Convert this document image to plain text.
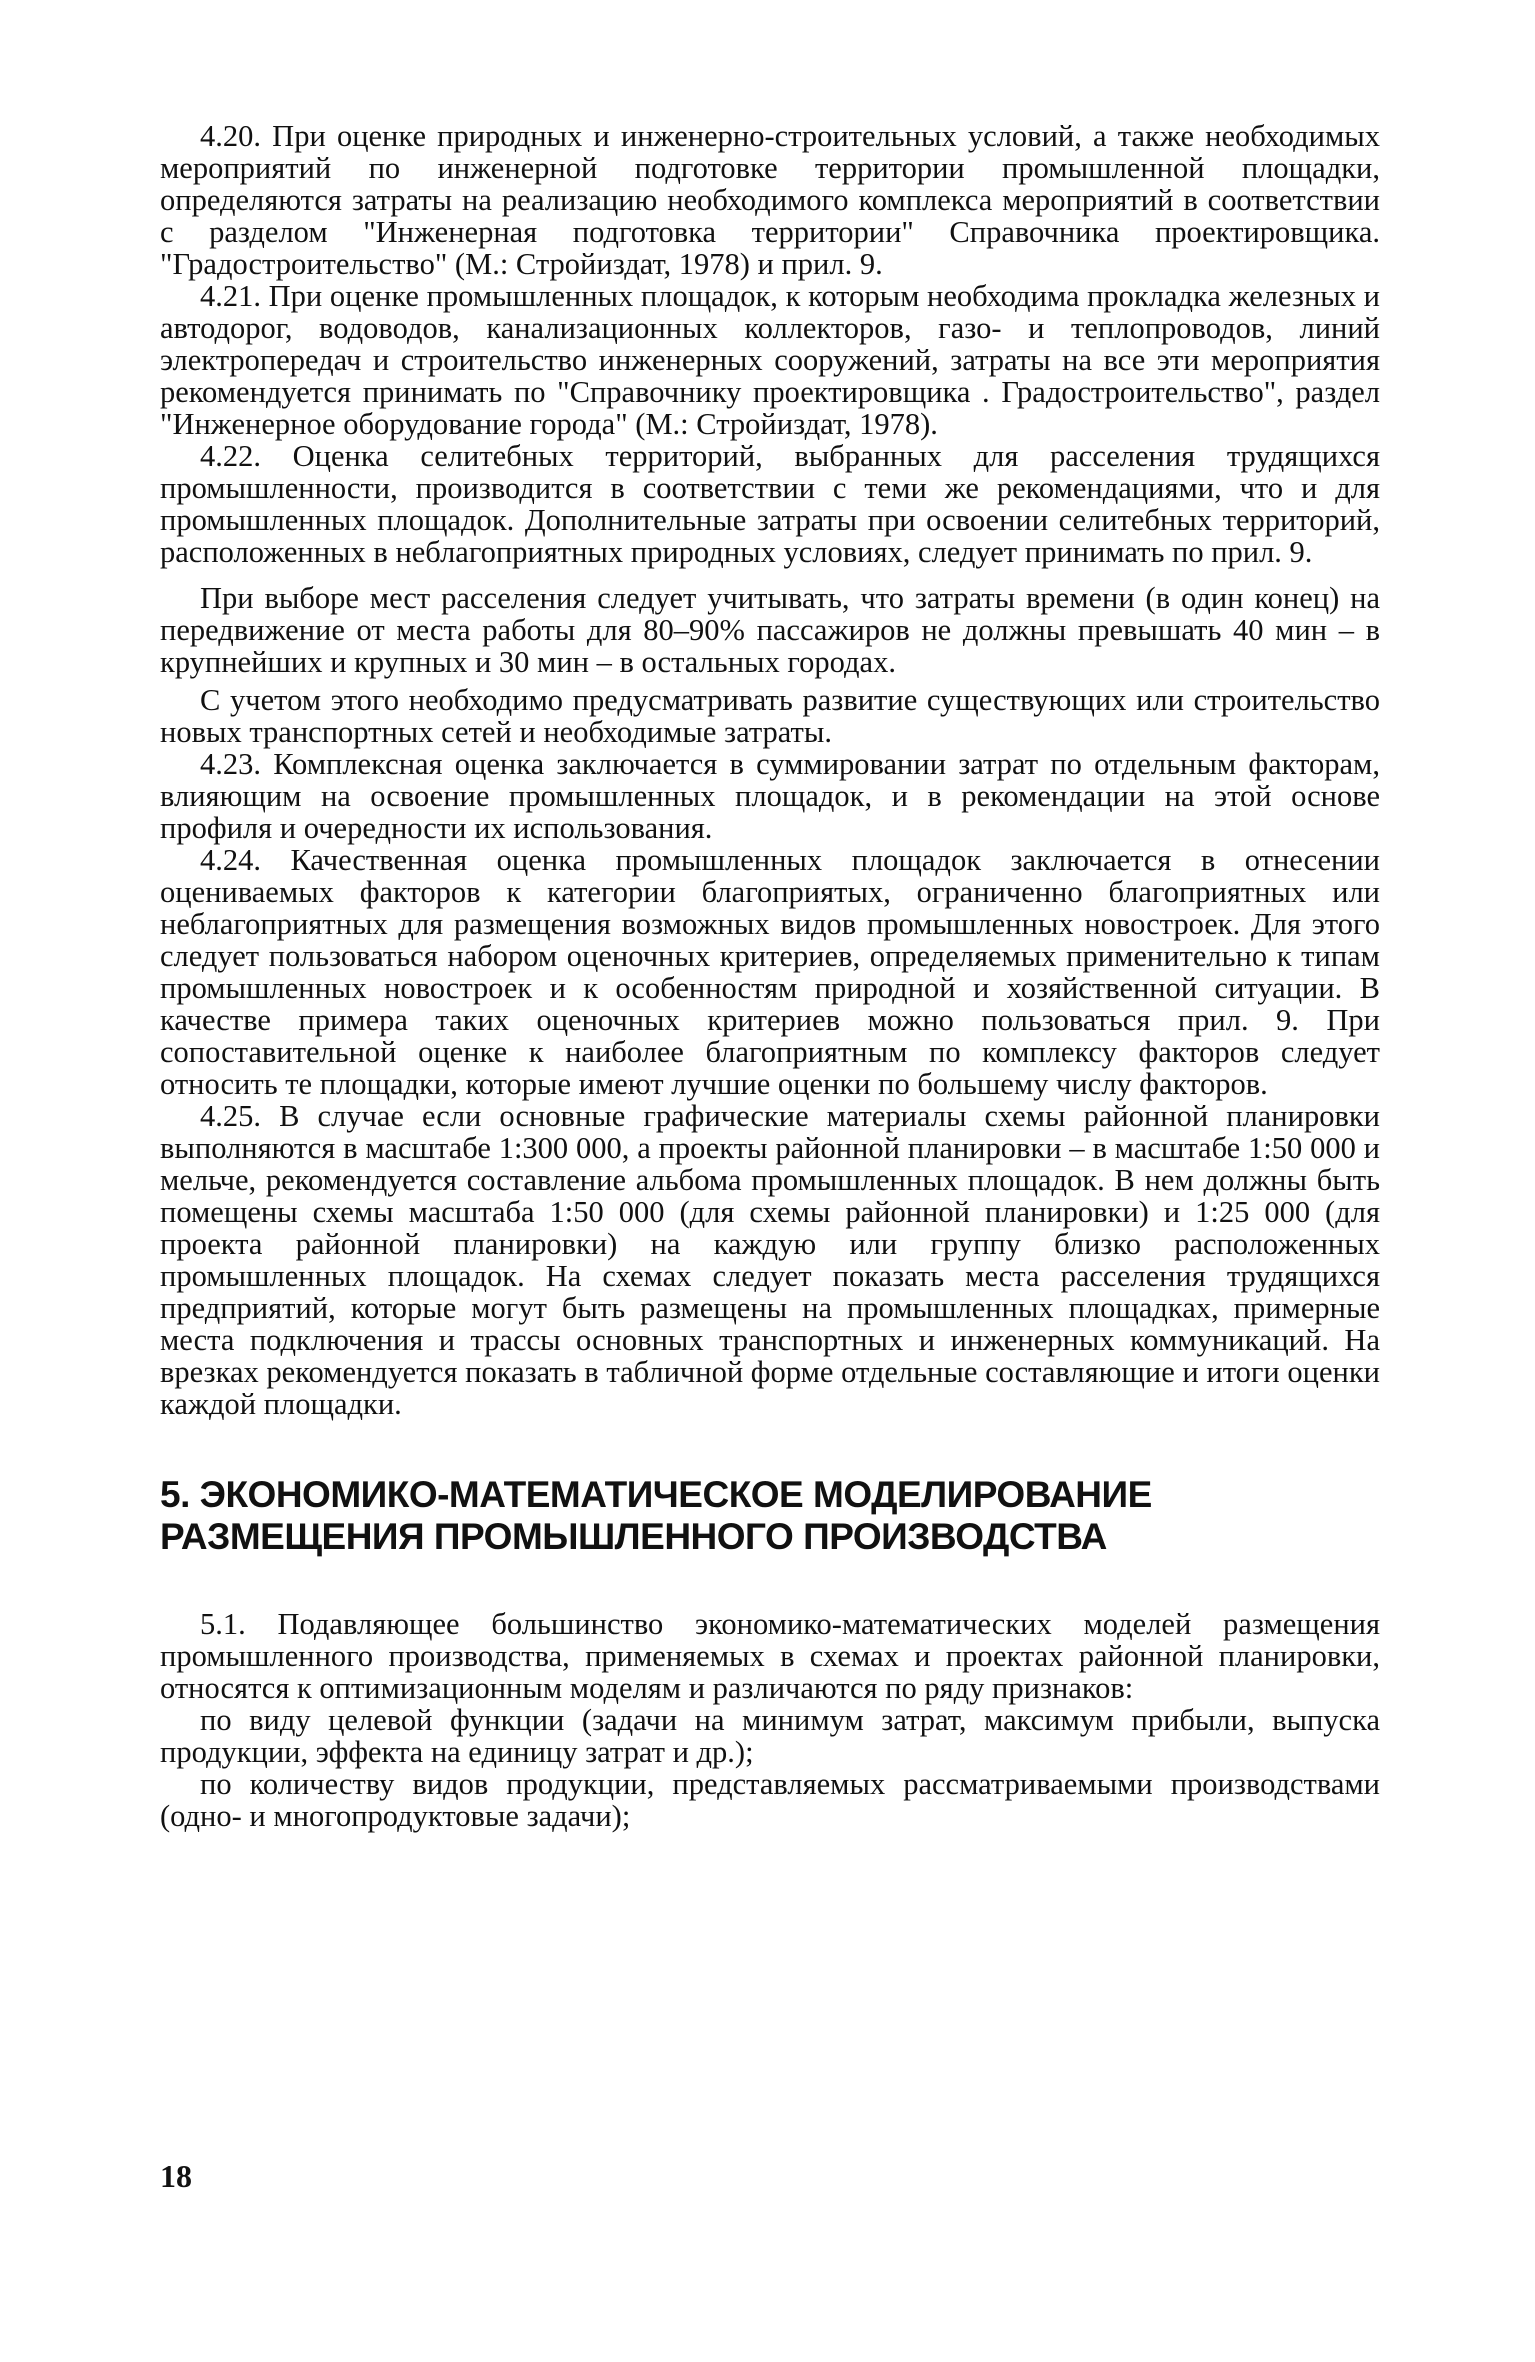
4.20. При оценке природных и инженерно-строительных условий, а также необходимых мероприятий по инженерной подготовке территории промышленной площадки, определяются затраты на реализацию необходимого комплекса мероприятий в соответствии с разделом "Инженерная подготовка территории" Справочника проектировщика. "Градостроительство" (М.: Стройиздат, 1978) и прил. 9.

4.21. При оценке промышленных площадок, к которым необходима прокладка железных и автодорог, водоводов, канализационных коллекторов, газо- и теплопроводов, линий электропередач и строительство инженерных сооружений, затраты на все эти мероприятия рекомендуется принимать по "Справочнику проектировщика . Градостроительство", раздел "Инженерное оборудование города" (М.: Стройиздат, 1978).

4.22. Оценка селитебных территорий, выбранных для расселения трудящихся промышленности, производится в соответствии с теми же рекомендациями, что и для промышленных площадок. Дополнительные затраты при освоении селитебных территорий, расположенных в неблагоприятных природных условиях, следует принимать по прил. 9.

При выборе мест расселения следует учитывать, что затраты времени (в один конец) на передвижение от места работы для 80–90% пассажиров не должны превышать 40 мин – в крупнейших и крупных и 30 мин – в остальных городах.

С учетом этого необходимо предусматривать развитие существующих или строительство новых транспортных сетей и необходимые затраты.

4.23. Комплексная оценка заключается в суммировании затрат по отдельным факторам, влияющим на освоение промышленных площадок, и в рекомендации на этой основе профиля и очередности их использования.

4.24. Качественная оценка промышленных площадок заключается в отнесении оцениваемых факторов к категории благоприятых, ограниченно благоприятных или неблагоприятных для размещения возможных видов промышленных новостроек. Для этого следует пользоваться набором оценочных критериев, определяемых применительно к типам промышленных новостроек и к особенностям природной и хозяйственной ситуации. В качестве примера таких оценочных критериев можно пользоваться прил. 9. При сопоставительной оценке к наиболее благоприятным по комплексу факторов следует относить те площадки, которые имеют лучшие оценки по большему числу факторов.

4.25. В случае если основные графические материалы схемы районной планировки выполняются в масштабе 1:300 000, а проекты районной планировки – в масштабе 1:50 000 и мельче, рекомендуется составление альбома промышленных площадок. В нем должны быть помещены схемы масштаба 1:50 000 (для схемы районной планировки) и 1:25 000 (для проекта районной планировки) на каждую или группу близко расположенных промышленных площадок. На схемах следует показать места расселения трудящихся предприятий, которые могут быть размещены на промышленных площадках, примерные места подключения и трассы основных транспортных и инженерных коммуникаций. На врезках рекомендуется показать в табличной форме отдельные составляющие и итоги оценки каждой площадки.

5. ЭКОНОМИКО-МАТЕМАТИЧЕСКОЕ МОДЕЛИРОВАНИЕ РАЗМЕЩЕНИЯ ПРОМЫШЛЕННОГО ПРОИЗВОДСТВА

5.1. Подавляющее большинство экономико-математических моделей размещения промышленного производства, применяемых в схемах и проектах районной планировки, относятся к оптимизационным моделям и различаются по ряду признаков:

по виду целевой функции (задачи на минимум затрат, максимум прибыли, выпуска продукции, эффекта на единицу затрат и др.);

по количеству видов продукции, представляемых рассматриваемыми производствами (одно- и многопродуктовые задачи);

18
